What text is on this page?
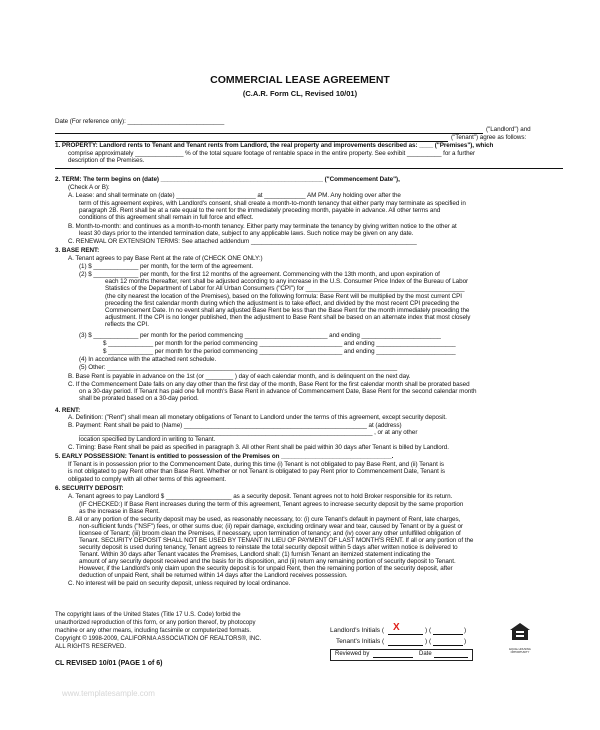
COMMERCIAL LEASE AGREEMENT
(C.A.R. Form CL, Revised 10/01)
Date (For reference only): ____________________________
("Landlord") and
("Tenant") agree as follows:
1. PROPERTY: Landlord rents to Tenant and Tenant rents from Landlord, the real property and improvements described as: ____ ("Premises"), which
comprise approximately ______________ % of the total square footage of rentable space in the entire property. See exhibit __________ for a further
description of the Premises.
2. TERM: The term begins on (date) _______________________________________________ ("Commencement Date"),
(Check A or B):
A. Lease: and shall terminate on (date) _______________________ at ____________ AM PM. Any holding over after the
term of this agreement expires, with Landlord's consent, shall create a month-to-month tenancy that either party may terminate as specified in
paragraph 2B. Rent shall be at a rate equal to the rent for the immediately preceding month, payable in advance. All other terms and
conditions of this agreement shall remain in full force and effect.
B. Month-to-month: and continues as a month-to-month tenancy. Either party may terminate the tenancy by giving written notice to the other at
least 30 days prior to the intended termination date, subject to any applicable laws. Such notice may be given on any date.
C. RENEWAL OR EXTENSION TERMS: See attached addendum ________________________________________________
3. BASE RENT:
A. Tenant agrees to pay Base Rent at the rate of (CHECK ONE ONLY:)
(1) $ _____________ per month, for the term of the agreement.
(2) $ _____________ per month, for the first 12 months of the agreement. Commencing with the 13th month, and upon expiration of
each 12 months thereafter, rent shall be adjusted according to any increase in the U.S. Consumer Price Index of the Bureau of Labor
Statistics of the Department of Labor for All Urban Consumers ("CPI") for ______________________________________________
(the city nearest the location of the Premises), based on the following formula: Base Rent will be multiplied by the most current CPI
preceding the first calendar month during which the adjustment is to take effect, and divided by the most recent CPI preceding the
Commencement Date. In no event shall any adjusted Base Rent be less than the Base Rent for the month immediately preceding the
adjustment. If the CPI is no longer published, then the adjustment to Base Rent shall be based on an alternate index that most closely
reflects the CPI.
(3) $ _____________ per month for the period commencing ________________________ and ending _______________________
$ _____________ per month for the period commencing ________________________ and ending _______________________
$ _____________ per month for the period commencing ________________________ and ending _______________________
(4) In accordance with the attached rent schedule.
(5) Other: ____________________________________________________________________________________
B. Base Rent is payable in advance on the 1st (or ________ ) day of each calendar month, and is delinquent on the next day.
C. If the Commencement Date falls on any day other than the first day of the month, Base Rent for the first calendar month shall be prorated based
on a 30-day period. If Tenant has paid one full month's Base Rent in advance of Commencement Date, Base Rent for the second calendar month
shall be prorated based on a 30-day period.
4. RENT:
A. Definition: ("Rent") shall mean all monetary obligations of Tenant to Landlord under the terms of this agreement, except security deposit.
B. Payment: Rent shall be paid to (Name) _____________________________________________________ at (address)
_____________________________________________________________________________________ , or at any other
location specified by Landlord in writing to Tenant.
C. Timing: Base Rent shall be paid as specified in paragraph 3. All other Rent shall be paid within 30 days after Tenant is billed by Landlord.
5. EARLY POSSESSION: Tenant is entitled to possession of the Premises on ________________________________.
If Tenant is in possession prior to the Commencement Date, during this time (i) Tenant is not obligated to pay Base Rent, and (ii) Tenant is
is not obligated to pay Rent other than Base Rent. Whether or not Tenant is obligated to pay Rent prior to Commencement Date, Tenant is
obligated to comply with all other terms of this agreement.
6. SECURITY DEPOSIT:
A. Tenant agrees to pay Landlord $ ___________________ as a security deposit. Tenant agrees not to hold Broker responsible for its return.
(IF CHECKED:) If Base Rent increases during the term of this agreement, Tenant agrees to increase security deposit by the same proportion
as the increase in Base Rent.
B. All or any portion of the security deposit may be used, as reasonably necessary, to: (i) cure Tenant's default in payment of Rent, late charges,
non-sufficient funds ("NSF") fees, or other sums due; (ii) repair damage, excluding ordinary wear and tear, caused by Tenant or by a guest or
licensee of Tenant; (iii) broom clean the Premises, if necessary, upon termination of tenancy; and (iv) cover any other unfulfilled obligation of
Tenant. SECURITY DEPOSIT SHALL NOT BE USED BY TENANT IN LIEU OF PAYMENT OF LAST MONTH'S RENT. If all or any portion of the
security deposit is used during tenancy, Tenant agrees to reinstate the total security deposit within 5 days after written notice is delivered to
Tenant. Within 30 days after Tenant vacates the Premises, Landlord shall: (1) furnish Tenant an itemized statement indicating the
amount of any security deposit received and the basis for its disposition, and (ii) return any remaining portion of security deposit to Tenant.
However, if the Landlord's only claim upon the security deposit is for unpaid Rent, then the remaining portion of the security deposit, after
deduction of unpaid Rent, shall be returned within 14 days after the Landlord receives possession.
C. No interest will be paid on security deposit, unless required by local ordinance.
The copyright laws of the United States (Title 17 U.S. Code) forbid the
unauthorized reproduction of this form, or any portion thereof, by photocopy
machine or any other means, including facsimile or computerized formats.
Copyright © 1998-2009, CALIFORNIA ASSOCIATION OF REALTORS®, INC.
ALL RIGHTS RESERVED.
Landlord's Initials ( X	) (	)
Tenant's Initials (	) (	)
Reviewed by	Date
EQUAL HOUSING OPPORTUNITY
CL REVISED 10/01 (PAGE 1 of 6)
www.templatesample.com
